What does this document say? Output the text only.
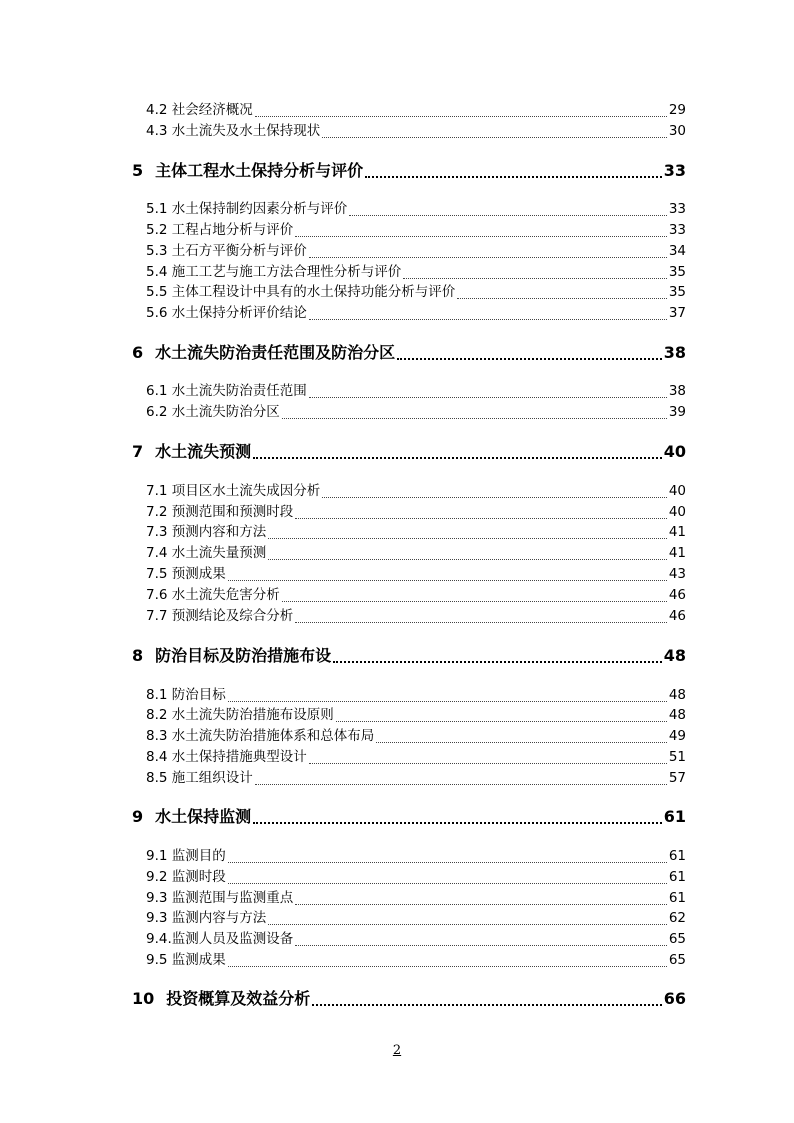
4.2 社会经济概况	29
4.3 水土流失及水土保持现状	30
5 主体工程水土保持分析与评价	33
5.1 水土保持制约因素分析与评价	33
5.2 工程占地分析与评价	33
5.3 土石方平衡分析与评价	34
5.4 施工工艺与施工方法合理性分析与评价	35
5.5 主体工程设计中具有的水土保持功能分析与评价	35
5.6 水土保持分析评价结论	37
6 水土流失防治责任范围及防治分区	38
6.1 水土流失防治责任范围	38
6.2 水土流失防治分区	39
7 水土流失预测	40
7.1 项目区水土流失成因分析	40
7.2 预测范围和预测时段	40
7.3 预测内容和方法	41
7.4 水土流失量预测	41
7.5 预测成果	43
7.6 水土流失危害分析	46
7.7 预测结论及综合分析	46
8 防治目标及防治措施布设	48
8.1 防治目标	48
8.2 水土流失防治措施布设原则	48
8.3 水土流失防治措施体系和总体布局	49
8.4 水土保持措施典型设计	51
8.5 施工组织设计	57
9 水土保持监测	61
9.1 监测目的	61
9.2 监测时段	61
9.3 监测范围与监测重点	61
9.3 监测内容与方法	62
9.4.监测人员及监测设备	65
9.5 监测成果	65
10 投资概算及效益分析	66
2
